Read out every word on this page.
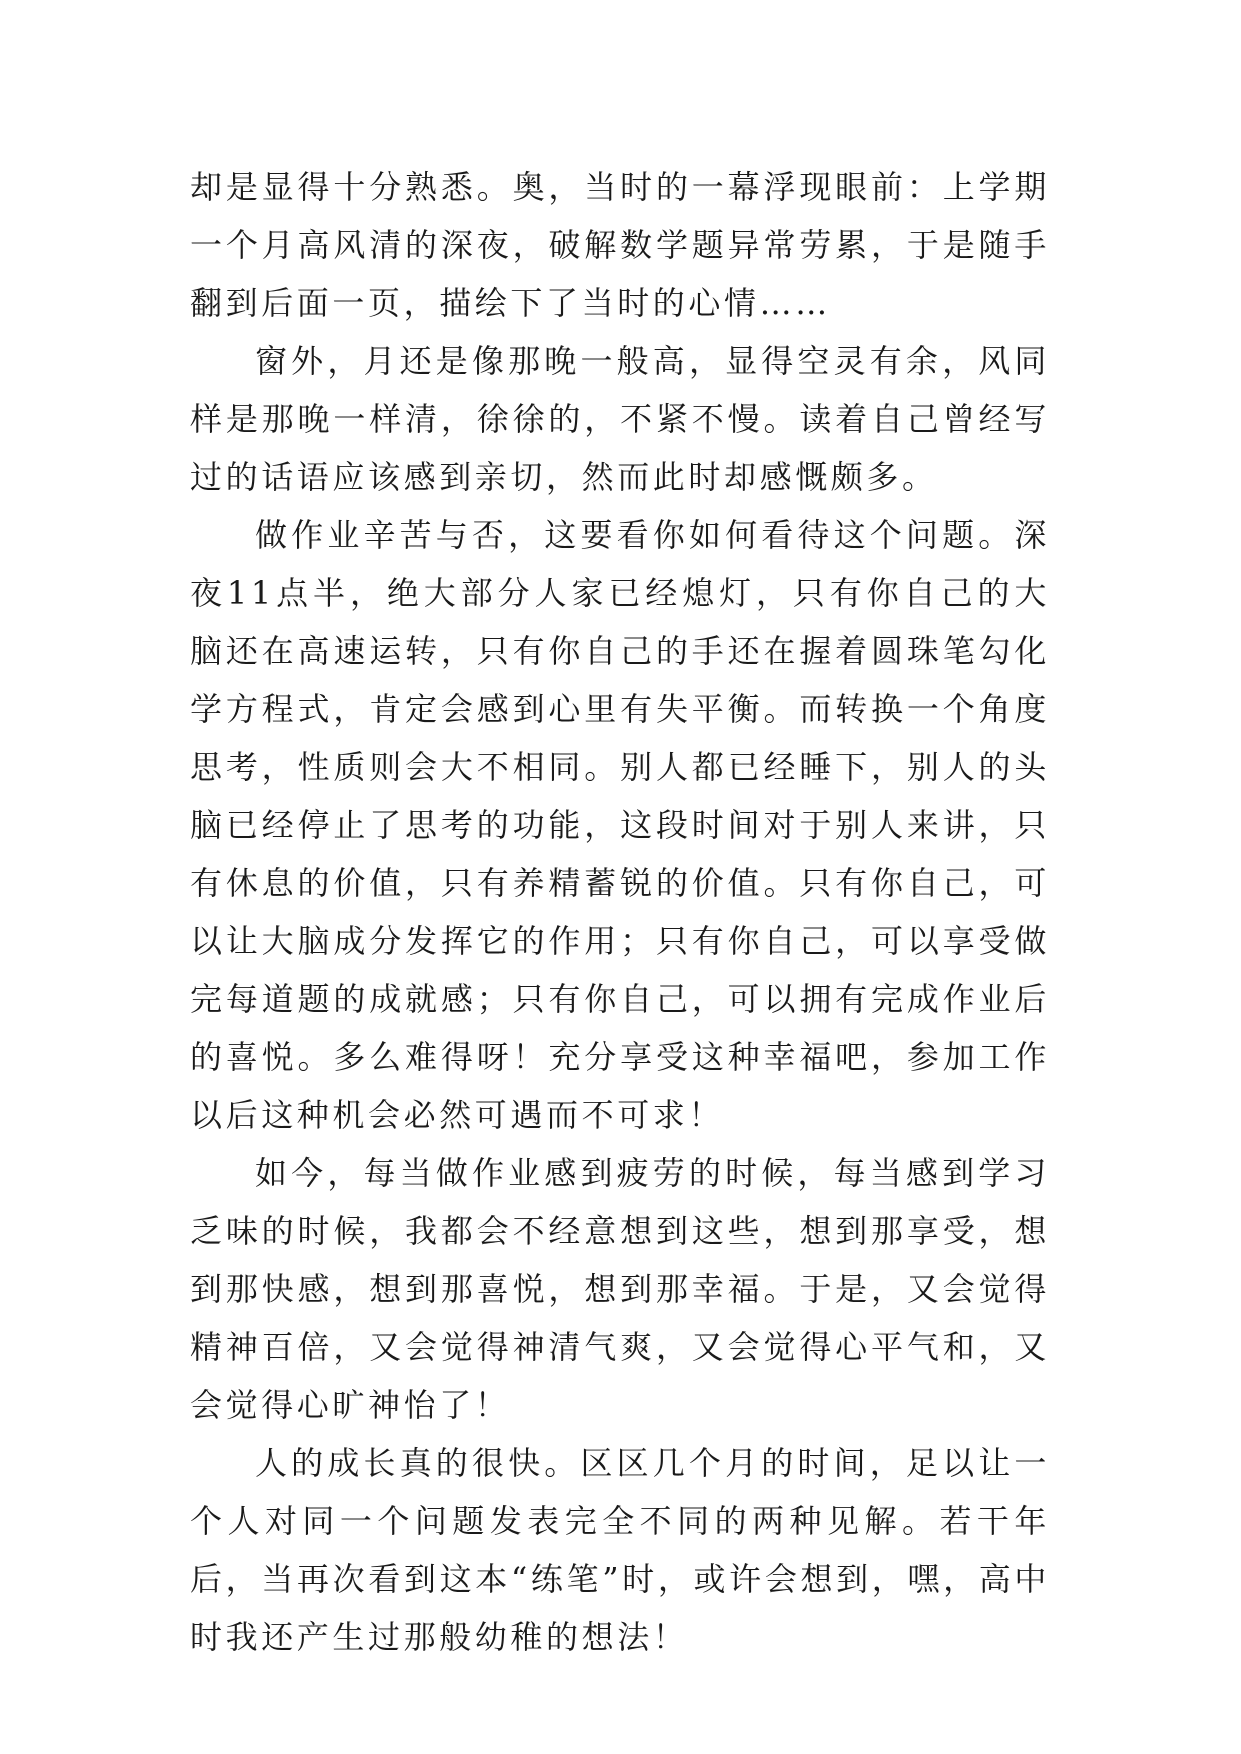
却是显得十分熟悉。奥，当时的一幕浮现眼前：上学期一个月高风清的深夜，破解数学题异常劳累，于是随手翻到后面一页，描绘下了当时的心情……

窗外，月还是像那晚一般高，显得空灵有余，风同样是那晚一样清，徐徐的，不紧不慢。读着自己曾经写过的话语应该感到亲切，然而此时却感慨颇多。

做作业辛苦与否，这要看你如何看待这个问题。深夜11点半，绝大部分人家已经熄灯，只有你自己的大脑还在高速运转，只有你自己的手还在握着圆珠笔勾化学方程式，肯定会感到心里有失平衡。而转换一个角度思考，性质则会大不相同。别人都已经睡下，别人的头脑已经停止了思考的功能，这段时间对于别人来讲，只有休息的价值，只有养精蓄锐的价值。只有你自己，可以让大脑成分发挥它的作用；只有你自己，可以享受做完每道题的成就感；只有你自己，可以拥有完成作业后的喜悦。多么难得呀！充分享受这种幸福吧，参加工作以后这种机会必然可遇而不可求！

如今，每当做作业感到疲劳的时候，每当感到学习乏味的时候，我都会不经意想到这些，想到那享受，想到那快感，想到那喜悦，想到那幸福。于是，又会觉得精神百倍，又会觉得神清气爽，又会觉得心平气和，又会觉得心旷神怡了！

人的成长真的很快。区区几个月的时间，足以让一个人对同一个问题发表完全不同的两种见解。若干年后，当再次看到这本“练笔”时，或许会想到，嘿，高中时我还产生过那般幼稚的想法！
